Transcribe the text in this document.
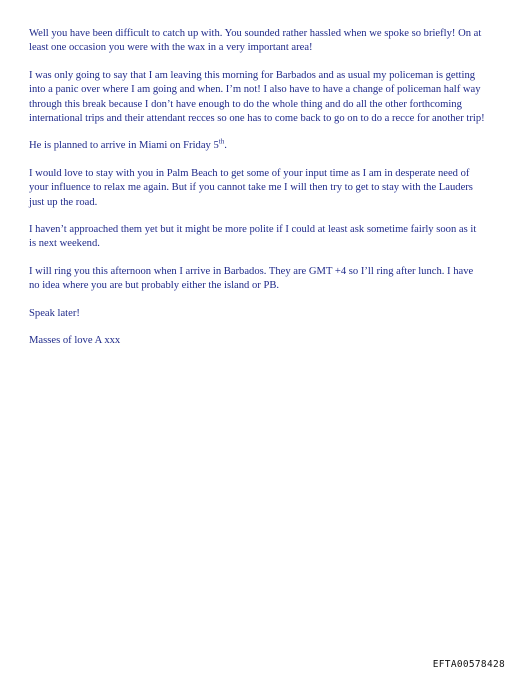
Well you have been difficult to catch up with. You sounded rather hassled when we spoke so briefly! On at least one occasion you were with the wax in a very important area!

I was only going to say that I am leaving this morning for Barbados and as usual my policeman is getting into a panic over where I am going and when. I’m not! I also have to have a change of policeman half way through this break because I don’t have enough to do the whole thing and do all the other forthcoming international trips and their attendant recces so one has to come back to go on to do a recce for another trip!

He is planned to arrive in Miami on Friday 5th.

I would love to stay with you in Palm Beach to get some of your input time as I am in desperate need of your influence to relax me again. But if you cannot take me I will then try to get to stay with the Lauders just up the road.

I haven’t approached them yet but it might be more polite if I could at least ask sometime fairly soon as it is next weekend.

I will ring you this afternoon when I arrive in Barbados. They are GMT +4 so I’ll ring after lunch. I have no idea where you are but probably either the island or PB.

Speak later!

Masses of love A xxx

EFTA00578428
